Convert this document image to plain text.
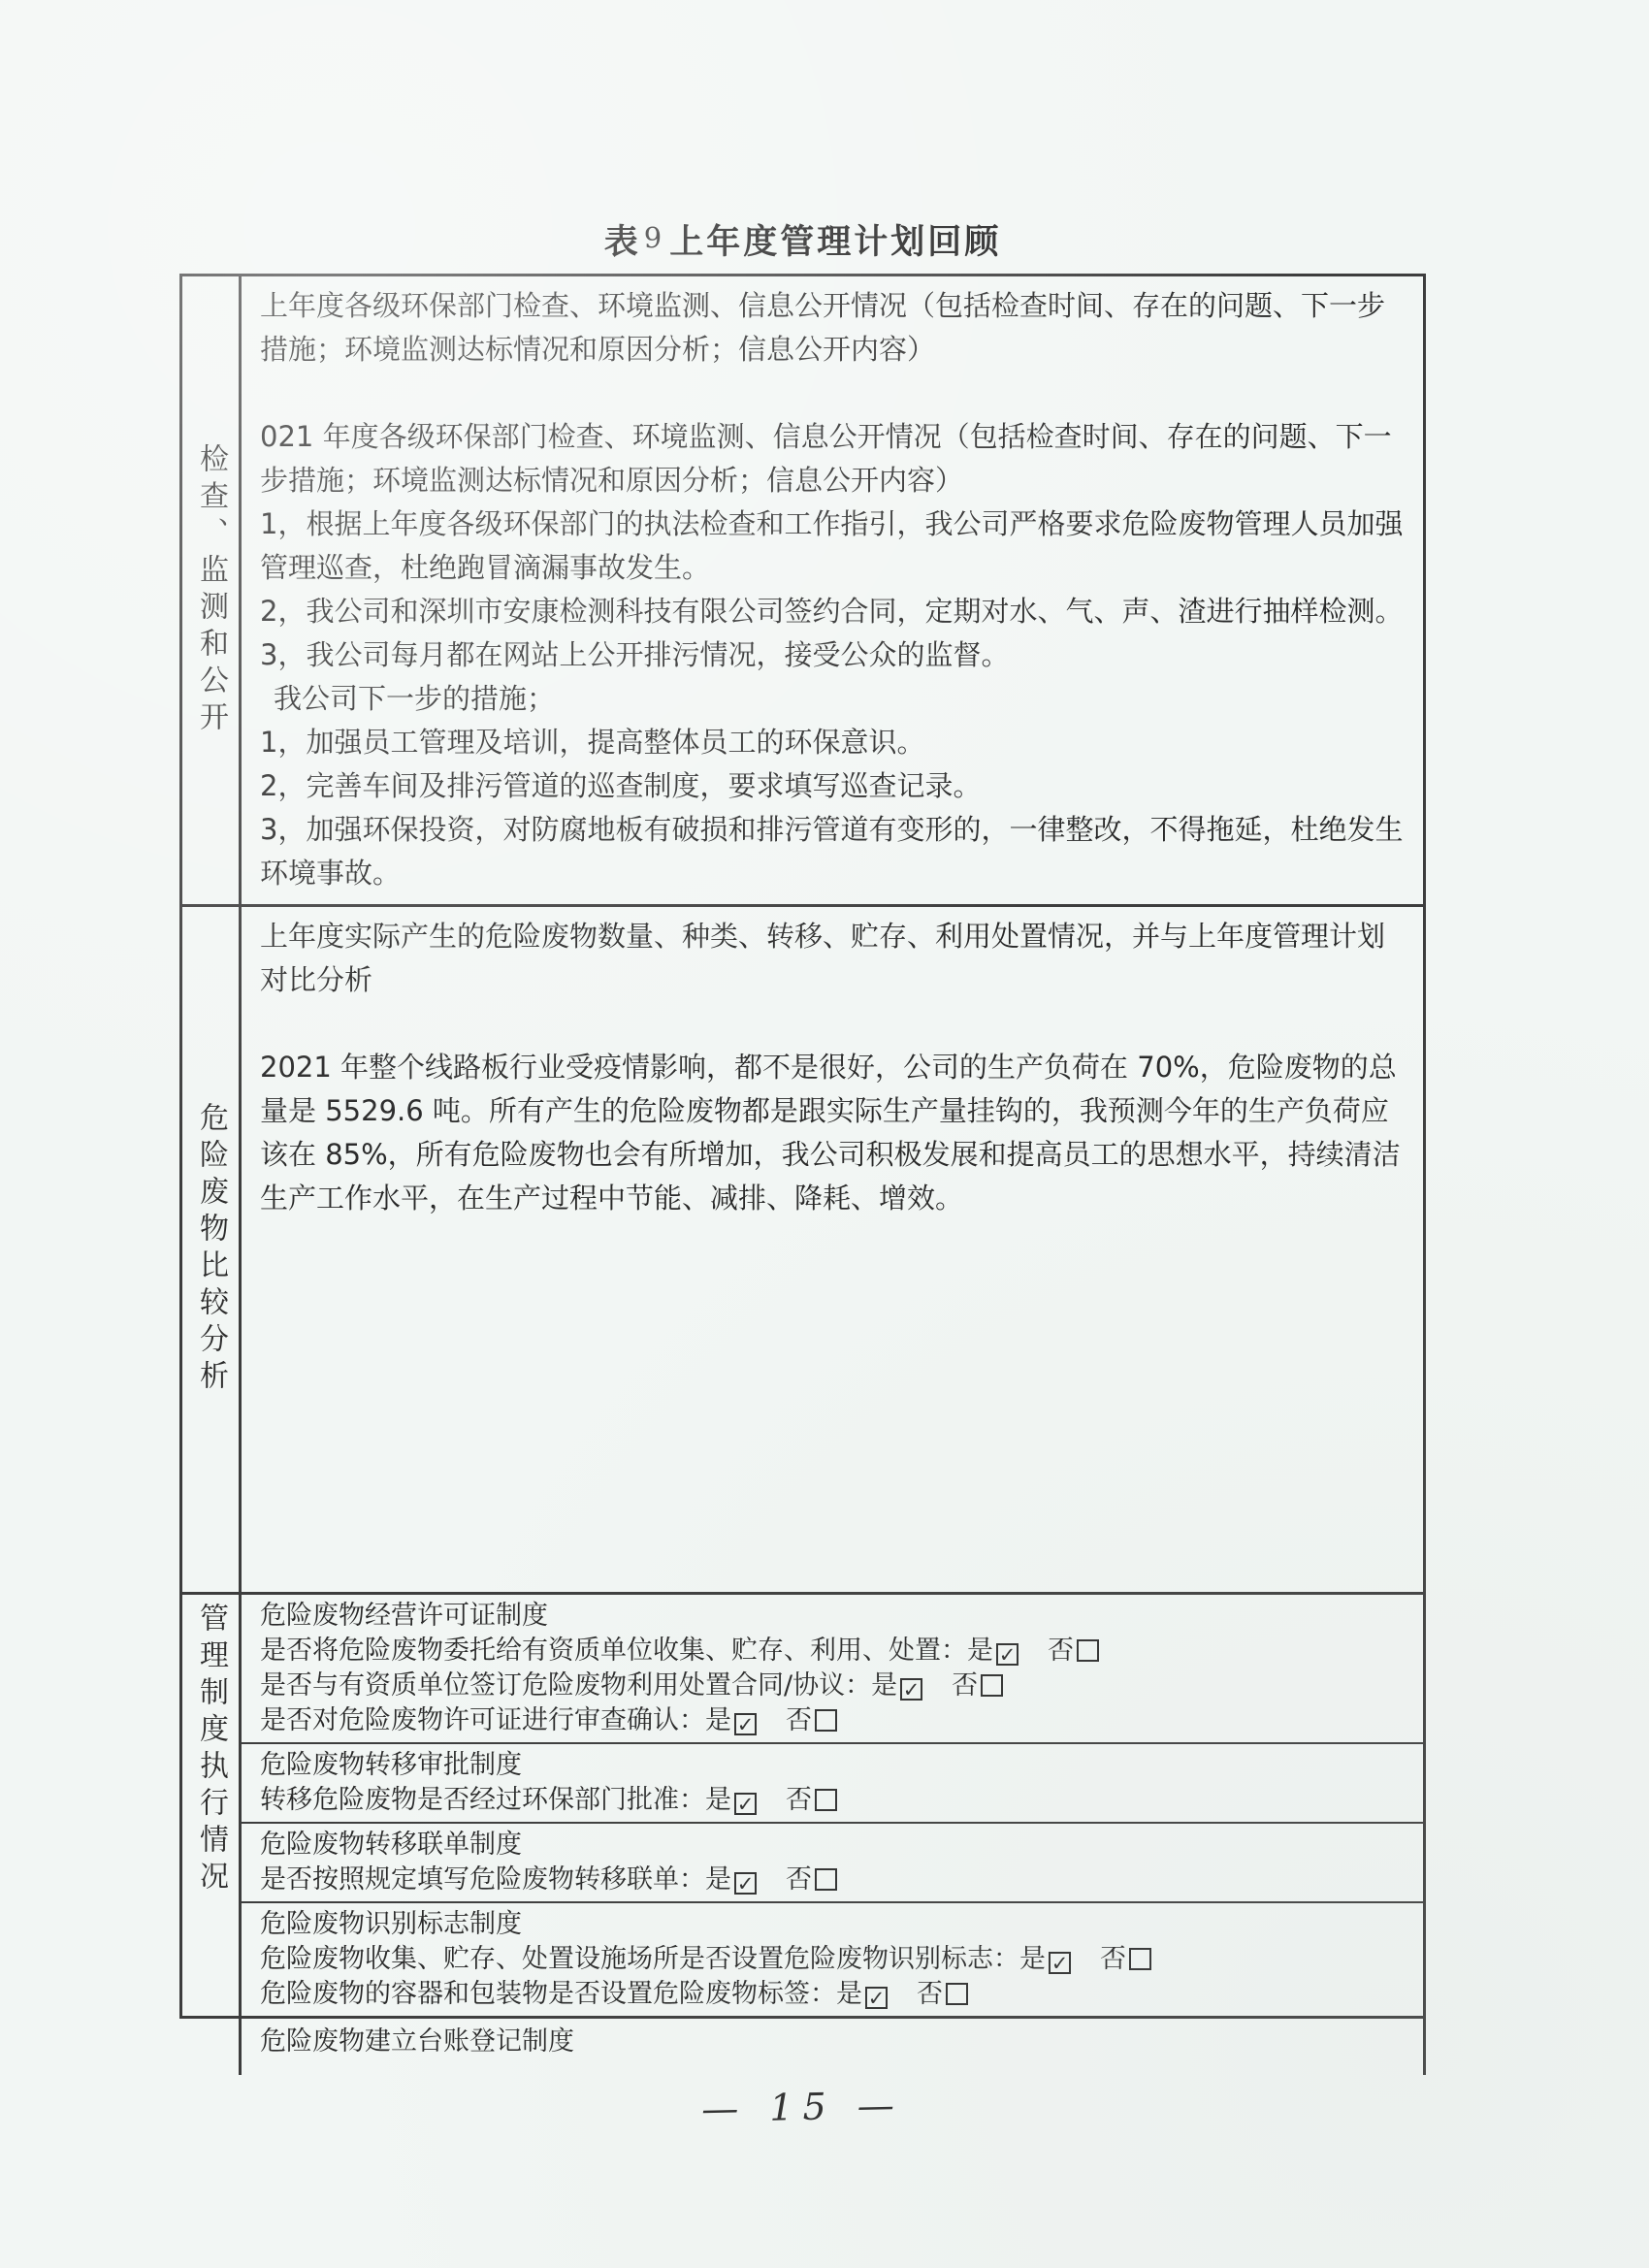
表 9 上年度管理计划回顾
检查、监测和公开

上年度各级环保部门检查、环境监测、信息公开情况（包括检查时间、存在的问题、下一步措施；环境监测达标情况和原因分析；信息公开内容）

021 年度各级环保部门检查、环境监测、信息公开情况（包括检查时间、存在的问题、下一步措施；环境监测达标情况和原因分析；信息公开内容）

1，根据上年度各级环保部门的执法检查和工作指引，我公司严格要求危险废物管理人员加强管理巡查，杜绝跑冒滴漏事故发生。

2，我公司和深圳市安康检测科技有限公司签约合同，定期对水、气、声、渣进行抽样检测。

3，我公司每月都在网站上公开排污情况，接受公众的监督。

我公司下一步的措施；

1，加强员工管理及培训，提高整体员工的环保意识。

2，完善车间及排污管道的巡查制度，要求填写巡查记录。

3，加强环保投资，对防腐地板有破损和排污管道有变形的，一律整改，不得拖延，杜绝发生环境事故。

危险废物比较分析

上年度实际产生的危险废物数量、种类、转移、贮存、利用处置情况，并与上年度管理计划对比分析

2021 年整个线路板行业受疫情影响，都不是很好，公司的生产负荷在 70%，危险废物的总量是 5529.6 吨。所有产生的危险废物都是跟实际生产量挂钩的，我预测今年的生产负荷应该在 85%，所有危险废物也会有所增加，我公司积极发展和提高员工的思想水平，持续清洁生产工作水平，在生产过程中节能、减排、降耗、增效。

管理制度执行情况 危险废物经营许可证制度
是否将危险废物委托给有资质单位收集、贮存、利用、处置：是 ✓ 否
是否与有资质单位签订危险废物利用处置合同/协议：是 ✓ 否
是否对危险废物许可证进行审查确认：是 ✓ 否
危险废物转移审批制度
转移危险废物是否经过环保部门批准：是 ✓ 否
危险废物转移联单制度
是否按照规定填写危险废物转移联单：是 ✓ 否
危险废物识别标志制度
危险废物收集、贮存、处置设施场所是否设置危险废物识别标志：是 ✓ 否
危险废物的容器和包装物是否设置危险废物标签：是 ✓ 否
危险废物建立台账登记制度
— 15 —
